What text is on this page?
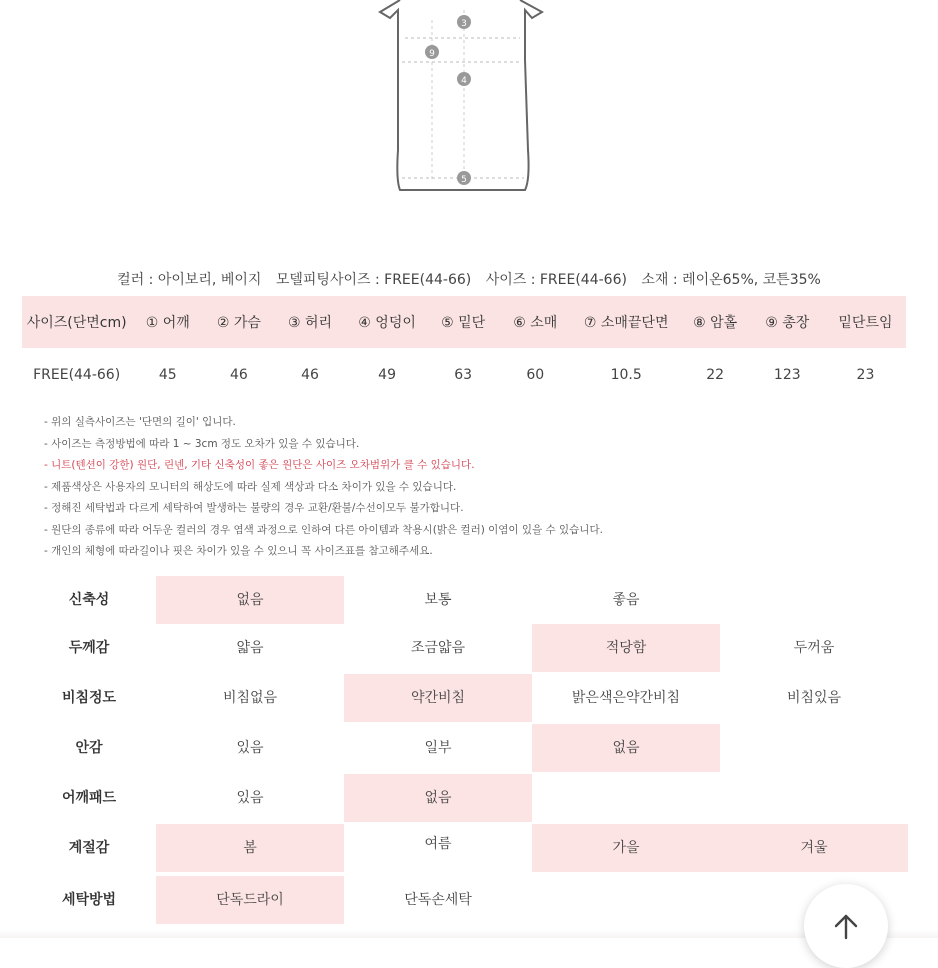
3
9
4
5
컬러 : 아이보리, 베이지 모델피팅사이즈 : FREE(44-66) 사이즈 : FREE(44-66) 소재 : 레이온65%, 코튼35%
사이즈(단면cm)	① 어깨	② 가슴	③ 허리	④ 엉덩이	⑤ 밑단	⑥ 소매	⑦ 소매끝단면	⑧ 암홀	⑨ 총장	밑단트임
FREE(44-66)	45	46	46	49	63	60	10.5	22	123	23
- 위의 실측사이즈는 '단면의 길이' 입니다.
- 사이즈는 측정방법에 따라 1 ~ 3cm 정도 오차가 있을 수 있습니다.
- 니트(텐션이 강한) 원단, 린넨, 기타 신축성이 좋은 원단은 사이즈 오차범위가 클 수 있습니다.
- 제품색상은 사용자의 모니터의 해상도에 따라 실제 색상과 다소 차이가 있을 수 있습니다.
- 정해진 세탁법과 다르게 세탁하여 발생하는 불량의 경우 교환/환불/수선이모두 불가합니다.
- 원단의 종류에 따라 어두운 컬러의 경우 염색 과정으로 인하여 다른 아이템과 착용시(밝은 컬러) 이염이 있을 수 있습니다.
- 개인의 체형에 따라길이나 핏은 차이가 있을 수 있으니 꼭 사이즈표를 참고해주세요.
신축성	없음	보통	좋음
두께감	얇음	조금얇음	적당함	두꺼움
비침정도	비침없음	약간비침	밝은색은약간비침	비침있음
안감	있음	일부	없음
어깨패드	있음	없음
계절감	봄	여름	가을	겨울
세탁방법	단독드라이	단독손세탁
